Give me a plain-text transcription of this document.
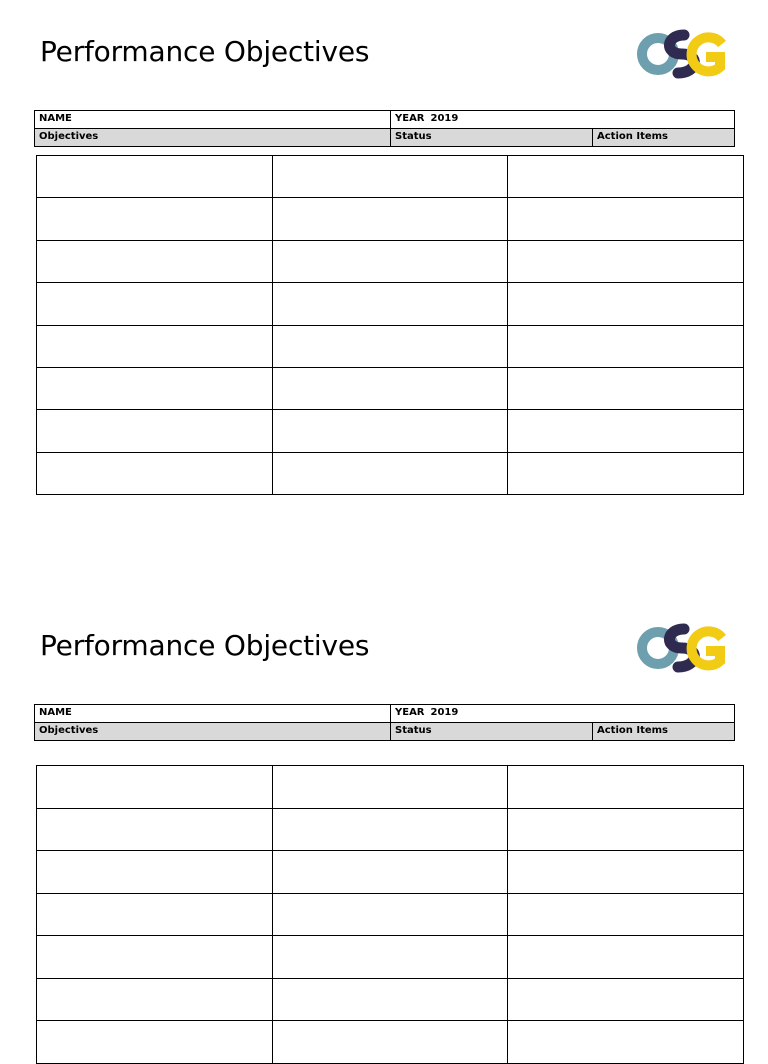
Performance Objectives
NAME	YEAR 2019	
Objectives	Status	Action Items

Performance Objectives
NAME	YEAR 2019	
Objectives	Status	Action Items
